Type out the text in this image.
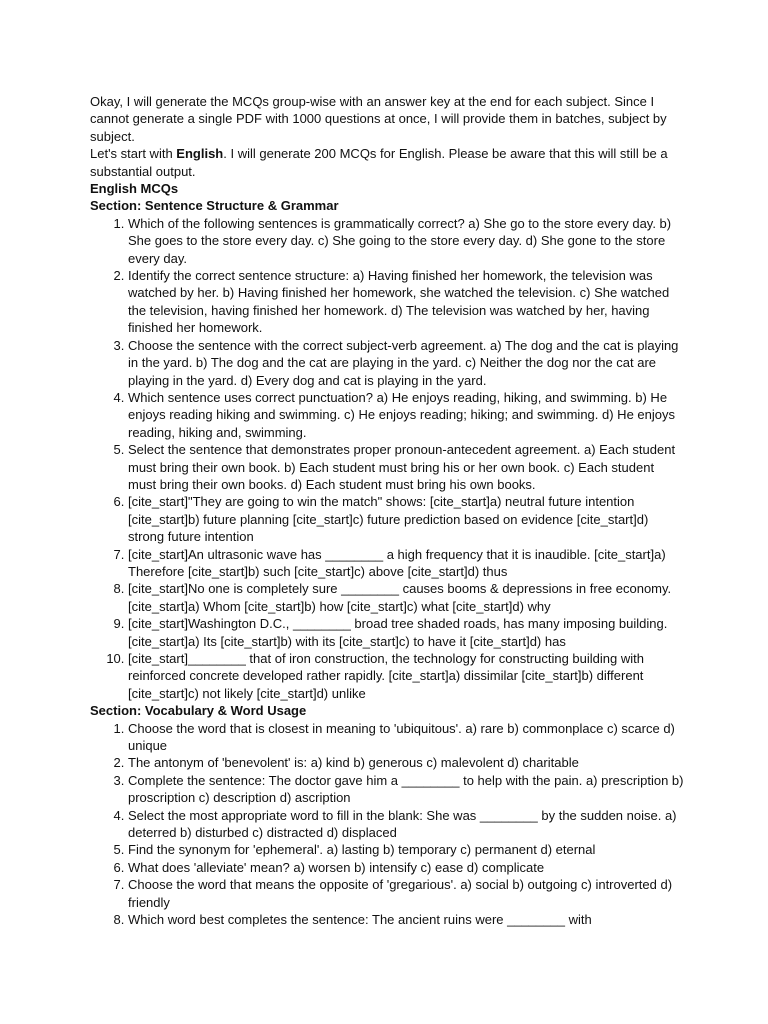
Okay, I will generate the MCQs group-wise with an answer key at the end for each subject. Since I cannot generate a single PDF with 1000 questions at once, I will provide them in batches, subject by subject.

Let's start with English. I will generate 200 MCQs for English. Please be aware that this will still be a substantial output.

English MCQs

Section: Sentence Structure & Grammar

1. Which of the following sentences is grammatically correct? a) She go to the store every day. b) She goes to the store every day. c) She going to the store every day. d) She gone to the store every day.
2. Identify the correct sentence structure: a) Having finished her homework, the television was watched by her. b) Having finished her homework, she watched the television. c) She watched the television, having finished her homework. d) The television was watched by her, having finished her homework.
3. Choose the sentence with the correct subject-verb agreement. a) The dog and the cat is playing in the yard. b) The dog and the cat are playing in the yard. c) Neither the dog nor the cat are playing in the yard. d) Every dog and cat is playing in the yard.
4. Which sentence uses correct punctuation? a) He enjoys reading, hiking, and swimming. b) He enjoys reading hiking and swimming. c) He enjoys reading; hiking; and swimming. d) He enjoys reading, hiking and, swimming.
5. Select the sentence that demonstrates proper pronoun-antecedent agreement. a) Each student must bring their own book. b) Each student must bring his or her own book. c) Each student must bring their own books. d) Each student must bring his own books.
6. [cite_start]"They are going to win the match" shows: [cite_start]a) neutral future intention [cite_start]b) future planning [cite_start]c) future prediction based on evidence [cite_start]d) strong future intention
7. [cite_start]An ultrasonic wave has ________ a high frequency that it is inaudible. [cite_start]a) Therefore [cite_start]b) such [cite_start]c) above [cite_start]d) thus
8. [cite_start]No one is completely sure ________ causes booms & depressions in free economy. [cite_start]a) Whom [cite_start]b) how [cite_start]c) what [cite_start]d) why
9. [cite_start]Washington D.C., ________ broad tree shaded roads, has many imposing building. [cite_start]a) Its [cite_start]b) with its [cite_start]c) to have it [cite_start]d) has
10. [cite_start]________ that of iron construction, the technology for constructing building with reinforced concrete developed rather rapidly. [cite_start]a) dissimilar [cite_start]b) different [cite_start]c) not likely [cite_start]d) unlike

Section: Vocabulary & Word Usage

1. Choose the word that is closest in meaning to 'ubiquitous'. a) rare b) commonplace c) scarce d) unique
2. The antonym of 'benevolent' is: a) kind b) generous c) malevolent d) charitable
3. Complete the sentence: The doctor gave him a ________ to help with the pain. a) prescription b) proscription c) description d) ascription
4. Select the most appropriate word to fill in the blank: She was ________ by the sudden noise. a) deterred b) disturbed c) distracted d) displaced
5. Find the synonym for 'ephemeral'. a) lasting b) temporary c) permanent d) eternal
6. What does 'alleviate' mean? a) worsen b) intensify c) ease d) complicate
7. Choose the word that means the opposite of 'gregarious'. a) social b) outgoing c) introverted d) friendly
8. Which word best completes the sentence: The ancient ruins were ________ with
